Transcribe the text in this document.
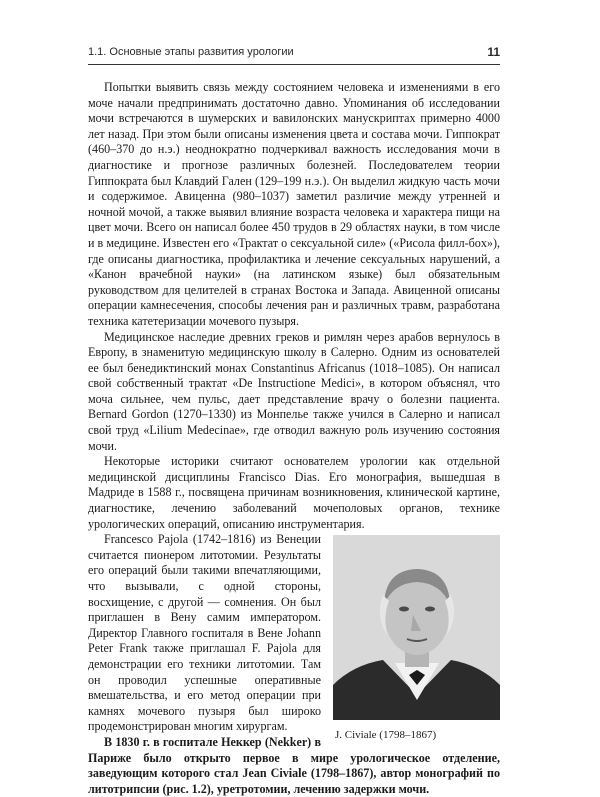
1.1. Основные этапы развития урологии	11

Попытки выявить связь между состоянием человека и изменениями в его моче начали предпринимать достаточно давно. Упоминания об исследовании мочи встречаются в шумерских и вавилонских манускриптах примерно 4000 лет назад. При этом были описаны изменения цвета и состава мочи. Гиппократ (460–370 до н.э.) неоднократно подчеркивал важность исследования мочи в диагностике и прогнозе различных болезней. Последователем теории Гиппократа был Клавдий Гален (129–199 н.э.). Он выделил жидкую часть мочи и содержимое. Авиценна (980–1037) заметил различие между утренней и ночной мочой, а также выявил влияние возраста человека и характера пищи на цвет мочи. Всего он написал более 450 трудов в 29 областях науки, в том числе и в медицине. Известен его «Трактат о сексуальной силе» («Рисола филл-боx»), где описаны диагностика, профилактика и лечение сексуальных нарушений, а «Канон врачебной науки» (на латинском языке) был обязательным руководством для целителей в странах Востока и Запада. Авиценной описаны операции камнесечения, способы лечения ран и различных травм, разработана техника катетеризации мочевого пузыря.

Медицинское наследие древних греков и римлян через арабов вернулось в Европу, в знаменитую медицинскую школу в Салерно. Одним из основателей ее был бенедиктинский монах Constantinus Africanus (1018–1085). Он написал свой собственный трактат «De Instructione Medici», в котором объяснял, что моча сильнее, чем пульс, дает представление врачу о болезни пациента. Bernard Gordon (1270–1330) из Монпелье также учился в Салерно и написал свой труд «Lilium Medecinae», где отводил важную роль изучению состояния мочи.

Некоторые историки считают основателем урологии как отдельной медицинской дисциплины Francisco Dias. Его монография, вышедшая в Мадриде в 1588 г., посвящена причинам возникновения, клинической картине, диагностике, лечению заболеваний мочеполовых органов, технике урологических операций, описанию инструментария.

J. Civiale (1798–1867)

Francesco Pajola (1742–1816) из Венеции считается пионером литотомии. Результаты его операций были такими впечатляющими, что вызывали, с одной стороны, восхищение, с другой — сомнения. Он был приглашен в Вену самим императором. Директор Главного госпиталя в Вене Johann Peter Frank также приглашал F. Pajola для демонстрации его техники литотомии. Там он проводил успешные оперативные вмешательства, и его метод операции при камнях мочевого пузыря был широко продемонстрирован многим хирургам.

В 1830 г. в госпитале Неккер (Nekker) в Париже было открыто первое в мире урологическое отделение, заведующим которого стал Jean Civiale (1798–1867), автор монографий по литотрипсии (рис. 1.2), уретротомии, лечению задержки мочи.
